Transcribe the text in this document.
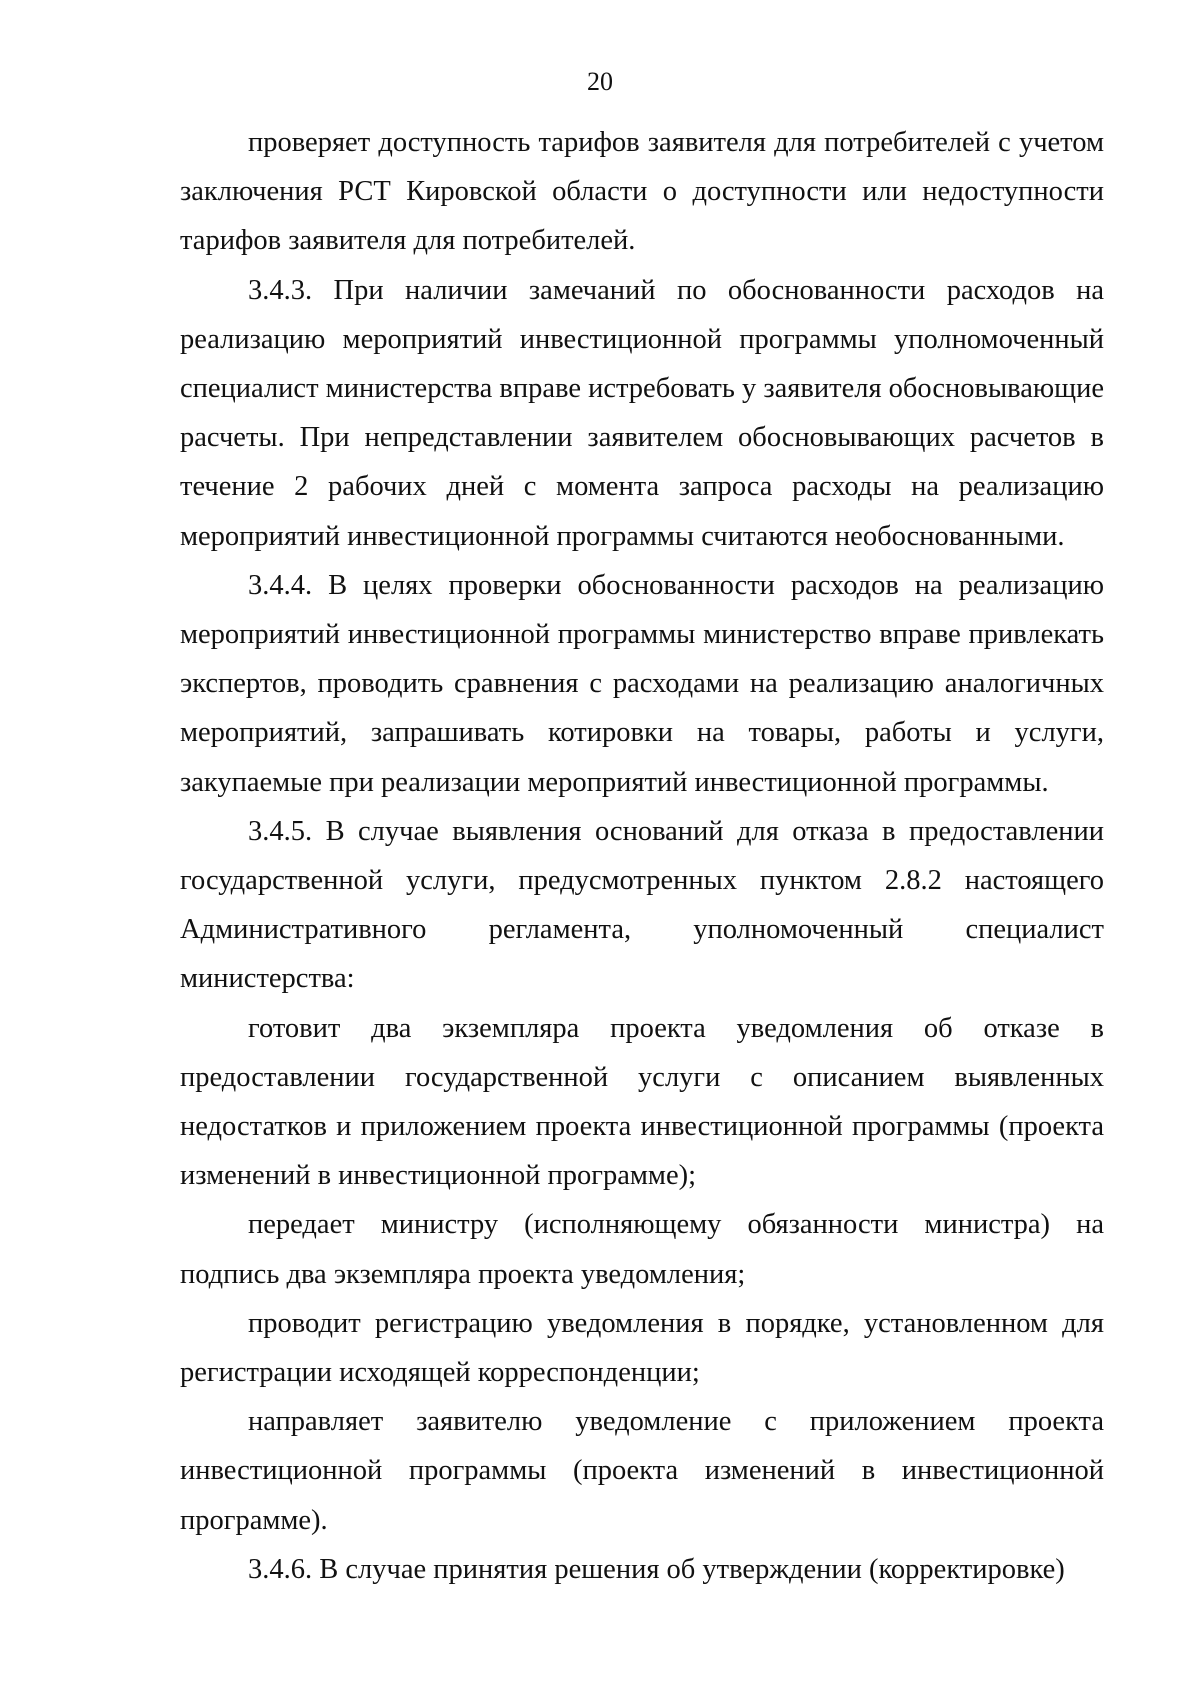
20

проверяет доступность тарифов заявителя для потребителей с учетом заключения РСТ Кировской области о доступности или недоступности тарифов заявителя для потребителей.

3.4.3. При наличии замечаний по обоснованности расходов на реализацию мероприятий инвестиционной программы уполномоченный специалист министерства вправе истребовать у заявителя обосновывающие расчеты. При непредставлении заявителем обосновывающих расчетов в течение 2 рабочих дней с момента запроса расходы на реализацию мероприятий инвестиционной программы считаются необоснованными.

3.4.4. В целях проверки обоснованности расходов на реализацию мероприятий инвестиционной программы министерство вправе привлекать экспертов, проводить сравнения с расходами на реализацию аналогичных мероприятий, запрашивать котировки на товары, работы и услуги, закупаемые при реализации мероприятий инвестиционной программы.

3.4.5. В случае выявления оснований для отказа в предоставлении государственной услуги, предусмотренных пунктом 2.8.2 настоящего Административного регламента, уполномоченный специалист министерства:

готовит два экземпляра проекта уведомления об отказе в предоставлении государственной услуги с описанием выявленных недостатков и приложением проекта инвестиционной программы (проекта изменений в инвестиционной программе);

передает министру (исполняющему обязанности министра) на подпись два экземпляра проекта уведомления;

проводит регистрацию уведомления в порядке, установленном для регистрации исходящей корреспонденции;

направляет заявителю уведомление с приложением проекта инвестиционной программы (проекта изменений в инвестиционной программе).

3.4.6. В случае принятия решения об утверждении (корректировке)
